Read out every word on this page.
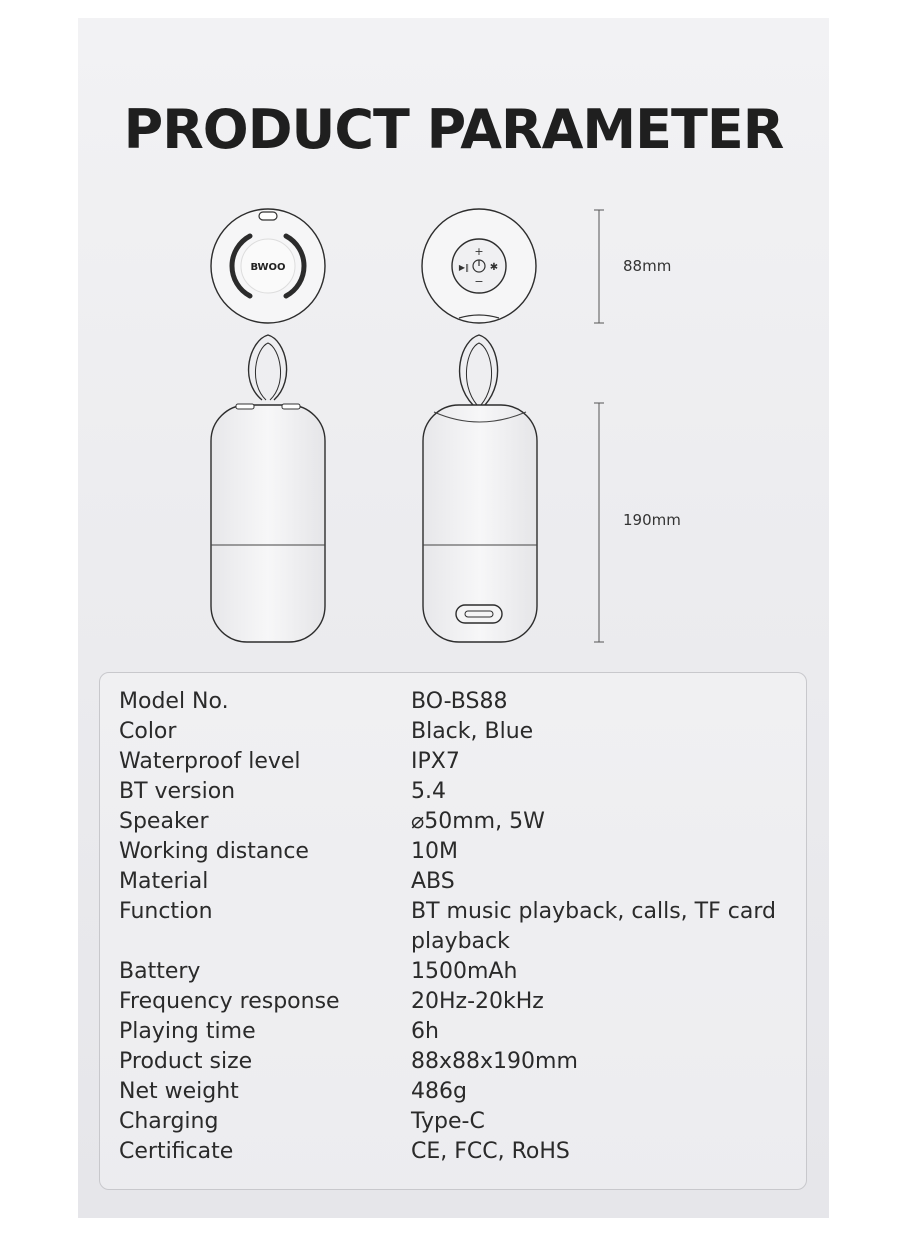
PRODUCT PARAMETER
BWOO
+
−
▶‖ ✱	88mm
190mm
Model No.	BO-BS88
Color	Black, Blue
Waterproof level	IPX7
BT version	5.4
Speaker	⌀50mm, 5W
Working distance	10M
Material	ABS
Function	BT music playback, calls, TF card playback
Battery	1500mAh
Frequency response	20Hz-20kHz
Playing time	6h
Product size	88x88x190mm
Net weight	486g
Charging	Type-C
Certificate	CE, FCC, RoHS
